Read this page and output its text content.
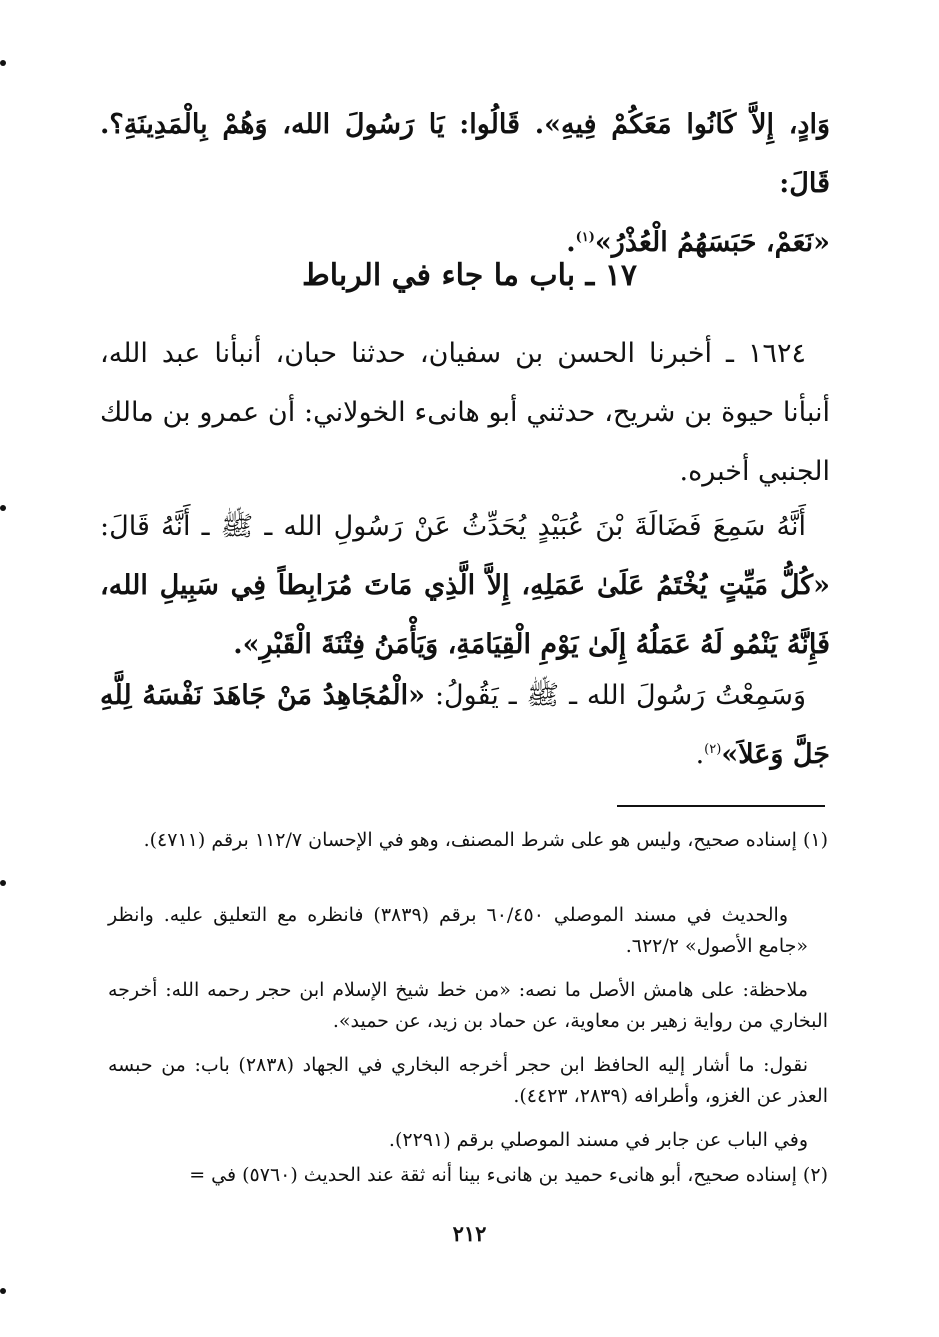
وَادٍ، إِلاَّ كَانُوا مَعَكُمْ فِيهِ». قَالُوا: يَا رَسُولَ الله، وَهُمْ بِالْمَدِينَةِ؟. قَالَ:
«نَعَمْ، حَبَسَهُمُ الْعُذْرُ»$^{(١)}$.
١٧ ـ باب ما جاء في الرباط
١٦٢٤ ـ أخبرنا الحسن بن سفيان، حدثنا حبان، أنبأنا عبد الله، أنبأنا حيوة بن شريح، حدثني أبو هانىء الخولاني: أن عمرو بن مالك الجنبي أخبره.
أَنَّهُ سَمِعَ فَضَالَةَ بْنَ عُبَيْدٍ يُحَدِّثُ عَنْ رَسُولِ الله ـ ﷺ ـ أَنَّهُ قَالَ: «كُلُّ مَيِّتٍ يُخْتَمُ عَلَىٰ عَمَلِهِ، إِلاَّ الَّذِي مَاتَ مُرَابِطاً فِي سَبِيلِ الله، فَإِنَّهُ يَنْمُو لَهُ عَمَلُهُ إِلَىٰ يَوْمِ الْقِيَامَةِ، وَيَأْمَنُ فِتْنَةَ الْقَبْرِ».
وَسَمِعْتُ رَسُولَ الله ـ ﷺ ـ يَقُولُ: «الْمُجَاهِدُ مَنْ جَاهَدَ نَفْسَهُ لِلَّهِ جَلَّ وَعَلاَ»$^{(٢)}$.
(١) إسناده صحيح، وليس هو على شرط المصنف، وهو في الإحسان ١١٢/٧ برقم (٤٧١١).
والحديث في مسند الموصلي ٦٠/٤٥٠ برقم (٣٨٣٩) فانظره مع التعليق عليه. وانظر «جامع الأصول» ٦٢٢/٢.
ملاحظة: على هامش الأصل ما نصه: «من خط شيخ الإسلام ابن حجر رحمه الله: أخرجه البخاري من رواية زهير بن معاوية، عن حماد بن زيد، عن حميد».
نقول: ما أشار إليه الحافظ ابن حجر أخرجه البخاري في الجهاد (٢٨٣٨) باب: من حبسه العذر عن الغزو، وأطرافه (٢٨٣٩، ٤٤٢٣).
وفي الباب عن جابر في مسند الموصلي برقم (٢٢٩١).
(٢) إسناده صحيح، أبو هانىء حميد بن هانىء بينا أنه ثقة عند الحديث (٥٧٦٠) في =
٢١٢
